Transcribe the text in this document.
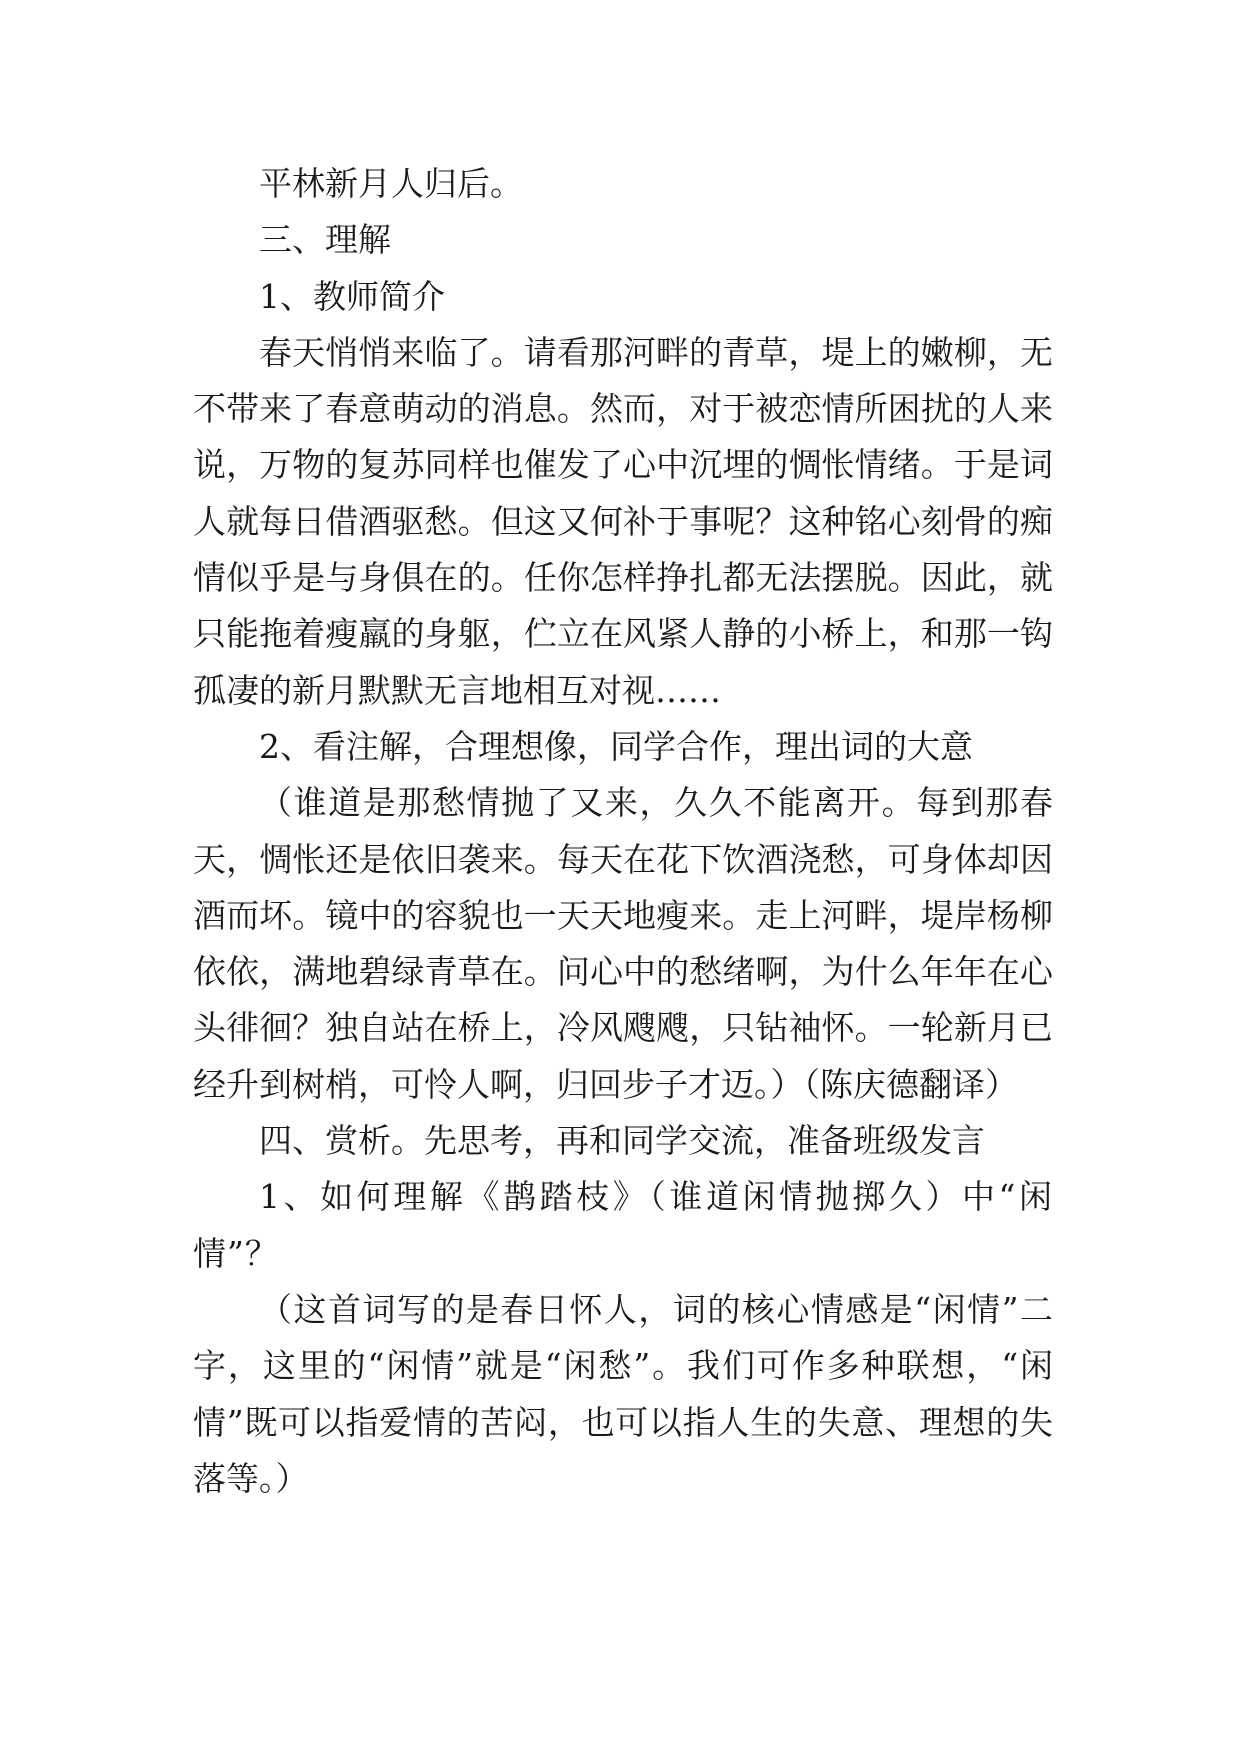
平林新月人归后。

三、理解

1、教师简介

春天悄悄来临了。请看那河畔的青草，堤上的嫩柳，无不带来了春意萌动的消息。然而，对于被恋情所困扰的人来说，万物的复苏同样也催发了心中沉埋的惆怅情绪。于是词人就每日借酒驱愁。但这又何补于事呢？这种铭心刻骨的痴情似乎是与身俱在的。任你怎样挣扎都无法摆脱。因此，就只能拖着瘦羸的身躯，伫立在风紧人静的小桥上，和那一钩孤凄的新月默默无言地相互对视……

2、看注解，合理想像，同学合作，理出词的大意

（谁道是那愁情抛了又来，久久不能离开。每到那春天，惆怅还是依旧袭来。每天在花下饮酒浇愁，可身体却因酒而坏。镜中的容貌也一天天地瘦来。走上河畔，堤岸杨柳依依，满地碧绿青草在。问心中的愁绪啊，为什么年年在心头徘徊？独自站在桥上，冷风飕飕，只钻袖怀。一轮新月已经升到树梢，可怜人啊，归回步子才迈。）（陈庆德翻译）

四、赏析。先思考，再和同学交流，准备班级发言

1、如何理解《鹊踏枝》（谁道闲情抛掷久）中“闲情”？

（这首词写的是春日怀人，词的核心情感是“闲情”二字，这里的“闲情”就是“闲愁”。我们可作多种联想，“闲情”既可以指爱情的苦闷，也可以指人生的失意、理想的失落等。）
